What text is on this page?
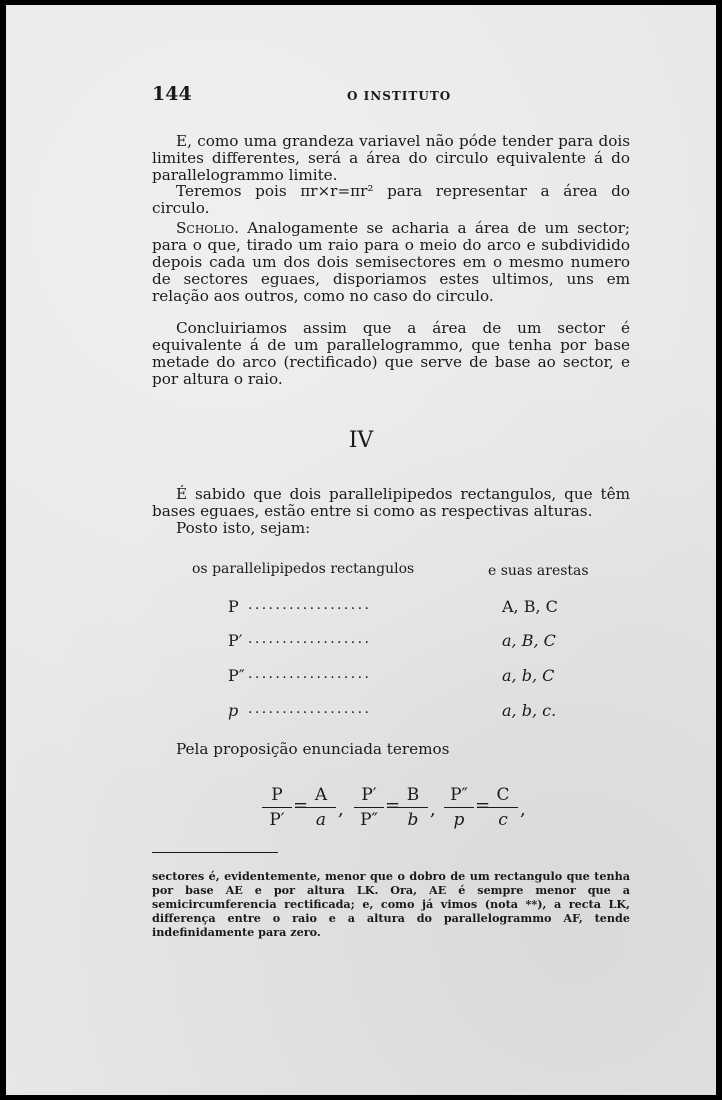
144	O INSTITUTO
E, como uma grandeza variavel não póde tender para dois limites differentes, será a área do circulo equivalente á do parallelogrammo limite.
Teremos pois πr×r=πr² para representar a área do circulo.
Scholio. Analogamente se acharia a área de um sector; para o que, tirado um raio para o meio do arco e subdividido depois cada um dos dois semisectores em o mesmo numero de sectores eguaes, disporiamos estes ultimos, uns em relação aos outros, como no caso do circulo.
Concluiriamos assim que a área de um sector é equivalente á de um parallelogrammo, que tenha por base metade do arco (rectificado) que serve de base ao sector, e por altura o raio.
IV
É sabido que dois parallelipipedos rectangulos, que têm bases eguaes, estão entre si como as respectivas alturas.
Posto isto, sejam:
os parallelipipedos rectangulos	e suas arestas
P ..................	A, B, C
P′ ..................	a, B, C
P″ ..................	a, b, C
p ..................	a, b, c.
Pela proposição enunciada teremos
P
P′
= A
a ,
P′
P″
= B
b ,
P″
p
= C
c ,
sectores é, evidentemente, menor que o dobro de um rectangulo que tenha por base AE e por altura LK. Ora, AE é sempre menor que a semicircumferencia rectificada; e, como já vimos (nota **), a recta LK, differença entre o raio e a altura do parallelogrammo AF, tende indefinidamente para zero.
